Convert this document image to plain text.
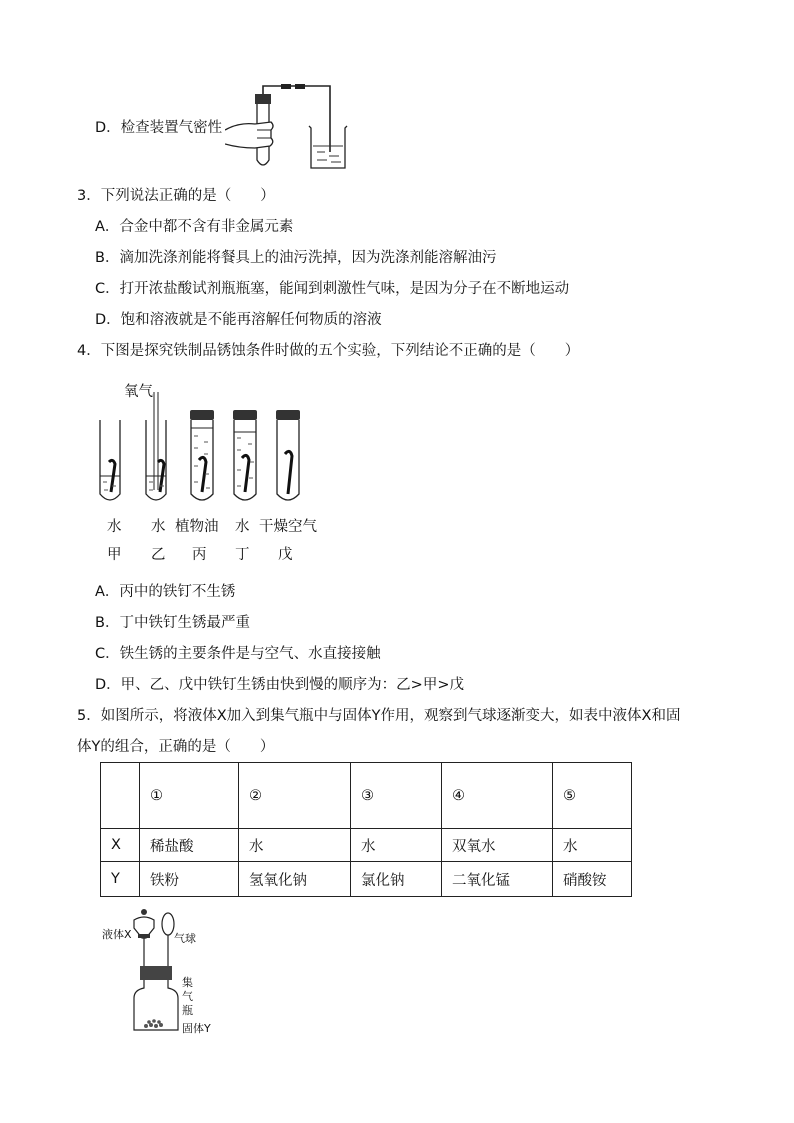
D．检查装置气密性
3．下列说法正确的是（　　）
A．合金中都不含有非金属元素
B．滴加洗涤剂能将餐具上的油污洗掉，因为洗涤剂能溶解油污
C．打开浓盐酸试剂瓶瓶塞，能闻到刺激性气味，是因为分子在不断地运动
D．饱和溶液就是不能再溶解任何物质的溶液
4．下图是探究铁制品锈蚀条件时做的五个实验，下列结论不正确的是（　　）
氧气
水 水 植物油 水 干燥空气
甲 乙 丙 丁 戊
A．丙中的铁钉不生锈
B．丁中铁钉生锈最严重
C．铁生锈的主要条件是与空气、水直接接触
D．甲、乙、戊中铁钉生锈由快到慢的顺序为：乙>甲>戊
5．如图所示，将液体X加入到集气瓶中与固体Y作用，观察到气球逐渐变大，如表中液体X和固
体Y的组合，正确的是（　　）
	①	②	③	④	⑤
X	稀盐酸	水	水	双氧水	水
Y	铁粉	氢氧化钠	氯化钠	二氧化锰	硝酸铵
液体X	气球
集
气
瓶
固体Y
